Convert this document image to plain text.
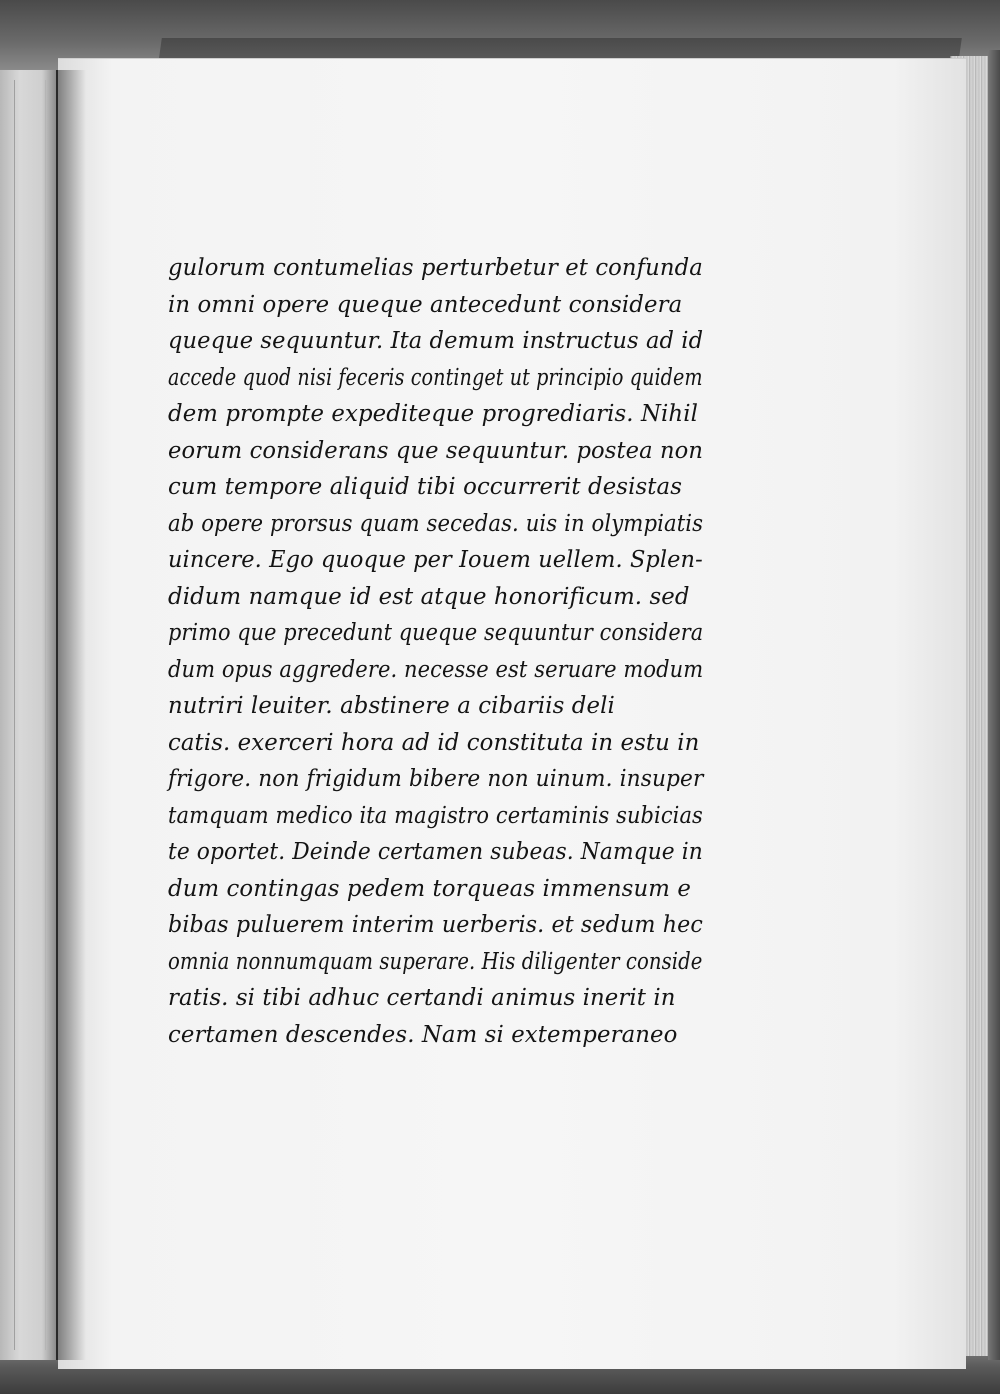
gulorum contumelias perturbetur et confunda
in omni opere queque antecedunt considera
queque sequuntur. Ita demum instructus ad id
accede quod nisi feceris continget ut principio quidem
dem prompte expediteque progrediaris. Nihil
eorum considerans que sequuntur. postea non
cum tempore aliquid tibi occurrerit desistas
ab opere prorsus quam secedas. uis in olympiatis
uincere. Ego quoque per Iouem uellem. Splen-
didum namque id est atque honorificum. sed
primo que precedunt queque sequuntur considera
dum opus aggredere. necesse est seruare modum
nutriri leuiter. abstinere a cibariis deli
catis. exerceri hora ad id constituta in estu in
frigore. non frigidum bibere non uinum. insuper
tamquam medico ita magistro certaminis subicias
te oportet. Deinde certamen subeas. Namque in
dum contingas pedem torqueas immensum e
bibas puluerem interim uerberis. et sedum hec
omnia nonnumquam superare. His diligenter conside
ratis. si tibi adhuc certandi animus inerit in
certamen descendes. Nam si extemperaneo
